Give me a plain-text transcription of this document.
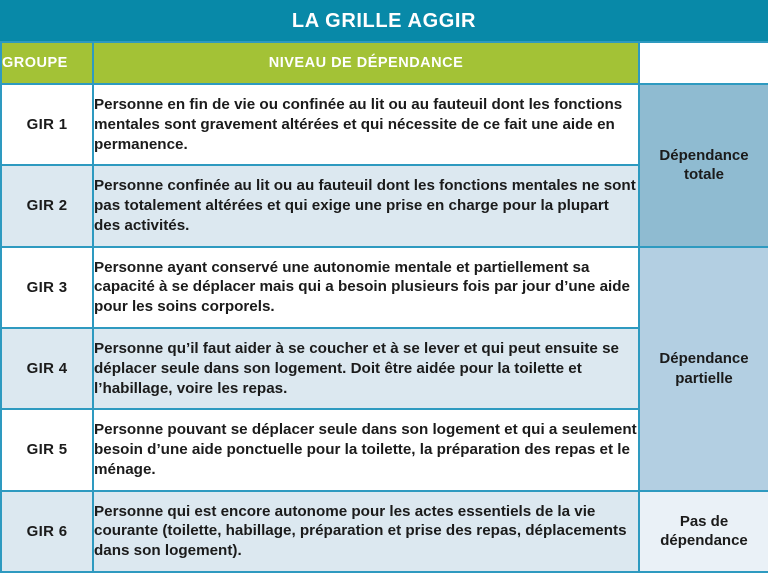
LA GRILLE AGGIR
GROUPE	NIVEAU DE DÉPENDANCE	
GIR 1	Personne en fin de vie ou confinée au lit ou au fauteuil dont les fonctions mentales sont gravement altérées et qui nécessite de ce fait une aide en permanence.	Dépendance totale
GIR 2	Personne confinée au lit ou au fauteuil dont les fonctions mentales ne sont pas totalement altérées et qui exige une prise en charge pour la plupart des activités.	
GIR 3	Personne ayant conservé une autonomie mentale et partiellement sa capacité à se déplacer mais qui a besoin plusieurs fois par jour d’une aide pour les soins corporels.	Dépendance partielle
GIR 4	Personne qu’il faut aider à se coucher et à se lever et qui peut ensuite se déplacer seule dans son logement. Doit être aidée pour la toilette et l’habillage, voire les repas.	
GIR 5	Personne pouvant se déplacer seule dans son logement et qui a seulement besoin d’une aide ponctuelle pour la toilette, la préparation des repas et le ménage.	
GIR 6	Personne qui est encore autonome pour les actes essentiels de la vie courante (toilette, habillage, préparation et prise des repas, déplacements dans son logement).	Pas de dépendance
